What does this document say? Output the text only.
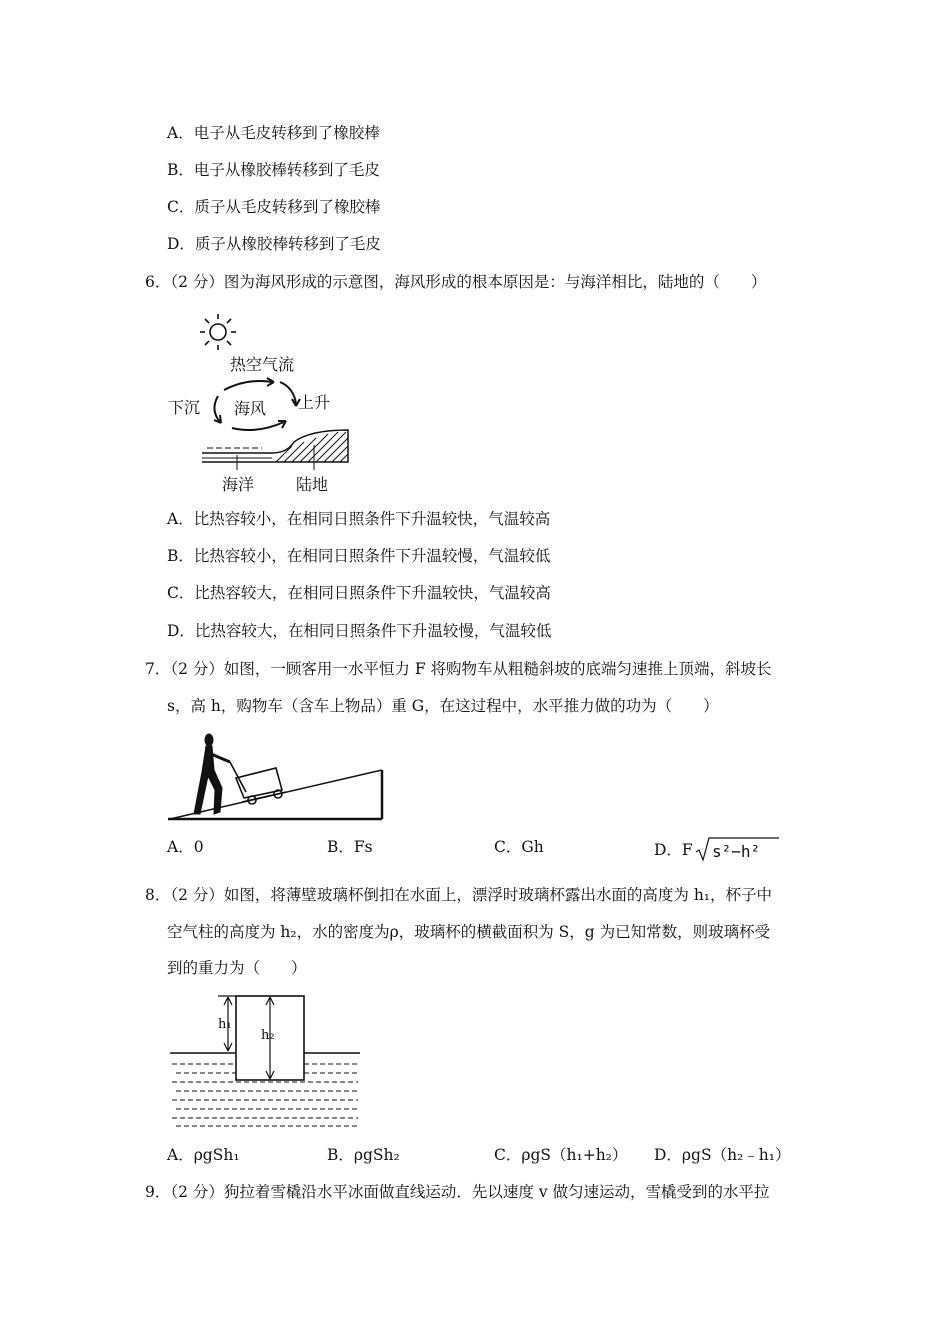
A．电子从毛皮转移到了橡胶棒
B．电子从橡胶棒转移到了毛皮
C．质子从毛皮转移到了橡胶棒
D．质子从橡胶棒转移到了毛皮
6．（2 分）图为海风形成的示意图，海风形成的根本原因是：与海洋相比，陆地的（　　）
热空气流
下沉 海风 上升
海洋	陆地
A．比热容较小，在相同日照条件下升温较快，气温较高
B．比热容较小，在相同日照条件下升温较慢，气温较低
C．比热容较大，在相同日照条件下升温较快，气温较高
D．比热容较大，在相同日照条件下升温较慢，气温较低
7．（2 分）如图，一顾客用一水平恒力 F 将购物车从粗糙斜坡的底端匀速推上顶端，斜坡长
s，高 h，购物车（含车上物品）重 G，在这过程中，水平推力做的功为（　　）
A．0	B．Fs	C．Gh	D．F s²−h²
8．（2 分）如图，将薄壁玻璃杯倒扣在水面上，漂浮时玻璃杯露出水面的高度为 h₁，杯子中
空气柱的高度为 h₂，水的密度为ρ，玻璃杯的横截面积为 S，g 为已知常数，则玻璃杯受
到的重力为（　　）
h₁
h₂
A．ρgSh₁	B．ρgSh₂	C．ρgS（h₁+h₂） D．ρgS（h₂﹣h₁）
9．（2 分）狗拉着雪橇沿水平冰面做直线运动．先以速度 v 做匀速运动，雪橇受到的水平拉
